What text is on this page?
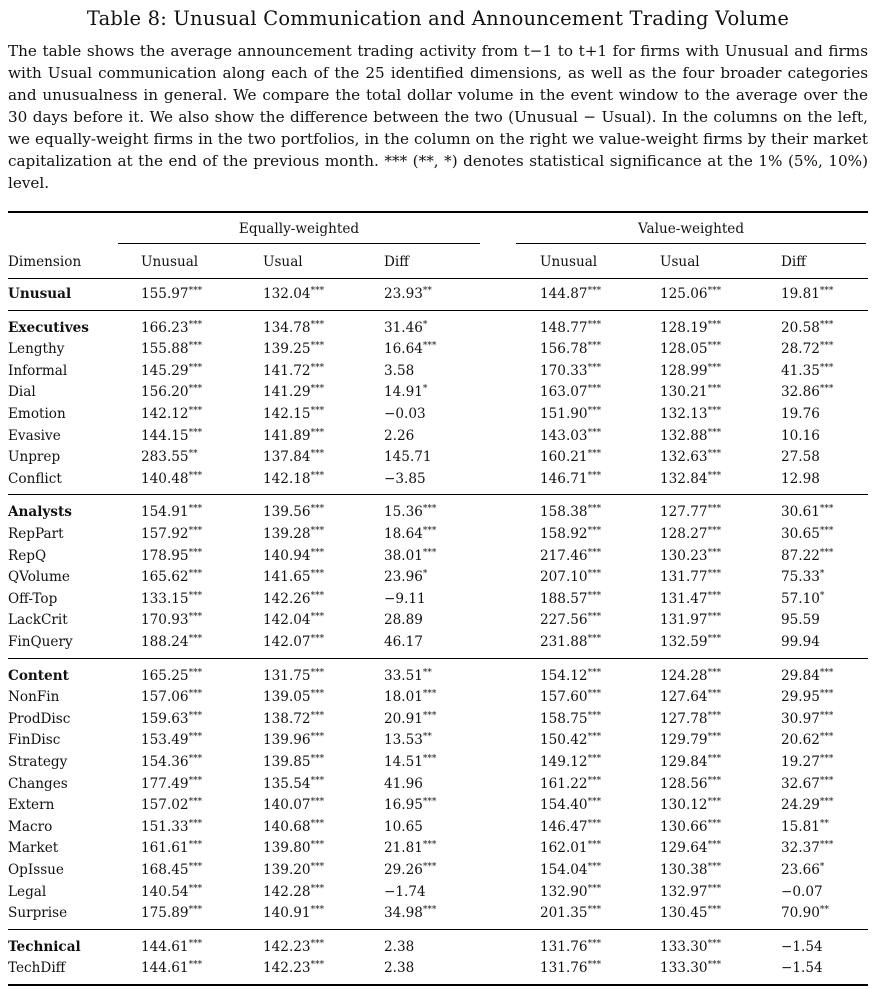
Table 8: Unusual Communication and Announcement Trading Volume

The table shows the average announcement trading activity from t−1 to t+1 for firms with Unusual and firms with Usual communication along each of the 25 identified dimensions, as well as the four broader categories and unusualness in general. We compare the total dollar volume in the event window to the average over the 30 days before it. We also show the difference between the two (Unusual − Usual). In the columns on the left, we equally-weight firms in the two portfolios, in the column on the right we value-weight firms by their market capitalization at the end of the previous month. *** (**, *) denotes statistical significance at the 1% (5%, 10%) level.

Equally-weighted	Value-weighted
Dimension	Unusual	Usual	Diff	Unusual	Usual	Diff
Unusual	155.97***	132.04***	23.93**	144.87***	125.06***	19.81***
Executives	166.23***	134.78***	31.46*	148.77***	128.19***	20.58***
Lengthy	155.88***	139.25***	16.64***	156.78***	128.05***	28.72***
Informal	145.29***	141.72***	3.58	170.33***	128.99***	41.35***
Dial	156.20***	141.29***	14.91*	163.07***	130.21***	32.86***
Emotion	142.12***	142.15***	−0.03	151.90***	132.13***	19.76
Evasive	144.15***	141.89***	2.26	143.03***	132.88***	10.16
Unprep	283.55**	137.84***	145.71	160.21***	132.63***	27.58
Conflict	140.48***	142.18***	−3.85	146.71***	132.84***	12.98
Analysts	154.91***	139.56***	15.36***	158.38***	127.77***	30.61***
RepPart	157.92***	139.28***	18.64***	158.92***	128.27***	30.65***
RepQ	178.95***	140.94***	38.01***	217.46***	130.23***	87.22***
QVolume	165.62***	141.65***	23.96*	207.10***	131.77***	75.33*
Off-Top	133.15***	142.26***	−9.11	188.57***	131.47***	57.10*
LackCrit	170.93***	142.04***	28.89	227.56***	131.97***	95.59
FinQuery	188.24***	142.07***	46.17	231.88***	132.59***	99.94
Content	165.25***	131.75***	33.51**	154.12***	124.28***	29.84***
NonFin	157.06***	139.05***	18.01***	157.60***	127.64***	29.95***
ProdDisc	159.63***	138.72***	20.91***	158.75***	127.78***	30.97***
FinDisc	153.49***	139.96***	13.53**	150.42***	129.79***	20.62***
Strategy	154.36***	139.85***	14.51***	149.12***	129.84***	19.27***
Changes	177.49***	135.54***	41.96	161.22***	128.56***	32.67***
Extern	157.02***	140.07***	16.95***	154.40***	130.12***	24.29***
Macro	151.33***	140.68***	10.65	146.47***	130.66***	15.81**
Market	161.61***	139.80***	21.81***	162.01***	129.64***	32.37***
OpIssue	168.45***	139.20***	29.26***	154.04***	130.38***	23.66*
Legal	140.54***	142.28***	−1.74	132.90***	132.97***	−0.07
Surprise	175.89***	140.91***	34.98***	201.35***	130.45***	70.90**
Technical	144.61***	142.23***	2.38	131.76***	133.30***	−1.54
TechDiff	144.61***	142.23***	2.38	131.76***	133.30***	−1.54
